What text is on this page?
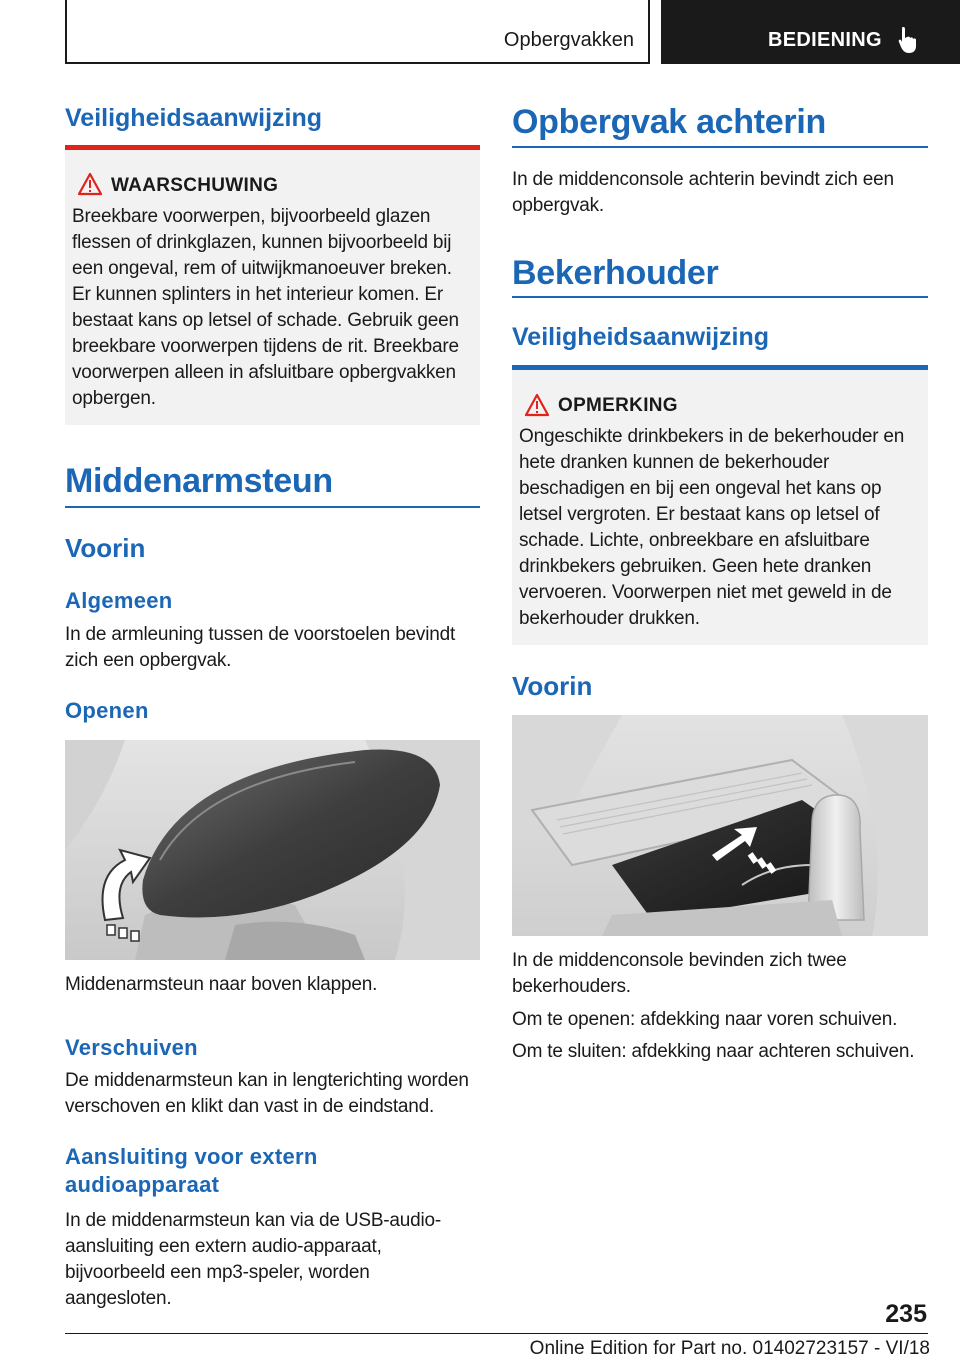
Opbergvakken	BEDIENING
Veiligheidsaanwijzing
WAARSCHUWING
Breekbare voorwerpen, bijvoorbeeld glazen flessen of drinkglazen, kunnen bijvoorbeeld bij een ongeval, rem of uitwijkmanoeuver breken. Er kunnen splinters in het interieur komen. Er bestaat kans op letsel of schade. Gebruik geen breekbare voorwerpen tijdens de rit. Breekbare voorwerpen alleen in afsluitbare opbergvakken opbergen.
Middenarmsteun
Voorin
Algemeen
In de armleuning tussen de voorstoelen bevindt zich een opbergvak.
Openen
Middenarmsteun naar boven klappen.
Verschuiven
De middenarmsteun kan in lengterichting worden verschoven en klikt dan vast in de eindstand.
Aansluiting voor extern audioapparaat
In de middenarmsteun kan via de USB-audio-aansluiting een extern audio-apparaat, bijvoorbeeld een mp3-speler, worden aangesloten.
Opbergvak achterin
In de middenconsole achterin bevindt zich een opbergvak.
Bekerhouder
Veiligheidsaanwijzing
OPMERKING
Ongeschikte drinkbekers in de bekerhouder en hete dranken kunnen de bekerhouder beschadigen en bij een ongeval het kans op letsel vergroten. Er bestaat kans op letsel of schade. Lichte, onbreekbare en afsluitbare drinkbekers gebruiken. Geen hete dranken vervoeren. Voorwerpen niet met geweld in de bekerhouder drukken.
Voorin
In de middenconsole bevinden zich twee bekerhouders.
Om te openen: afdekking naar voren schuiven.
Om te sluiten: afdekking naar achteren schuiven.
235
Online Edition for Part no. 01402723157 - VI/18
